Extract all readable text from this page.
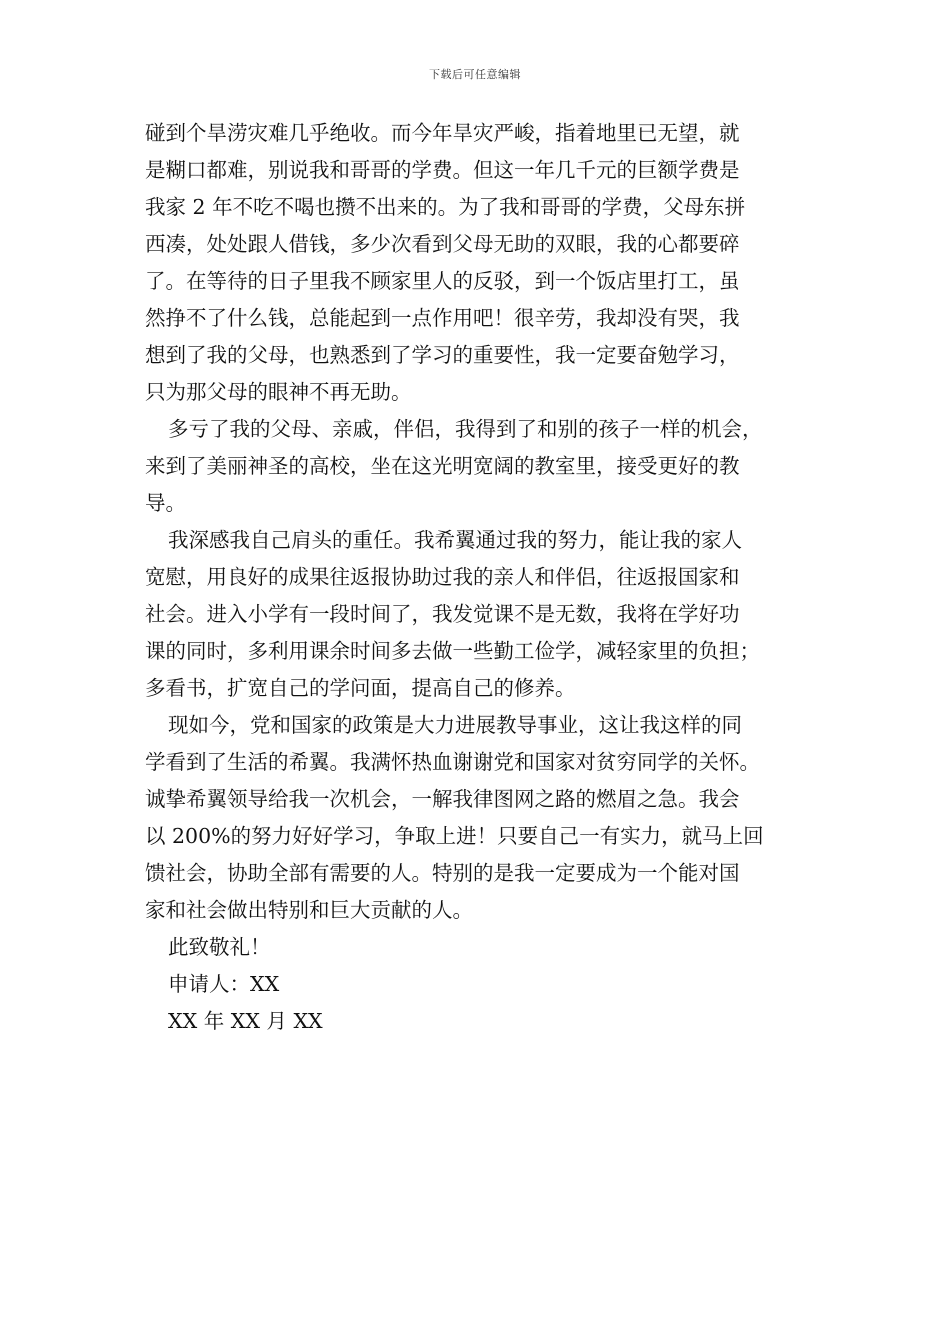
下载后可任意编辑
碰到个旱涝灾难几乎绝收。而今年旱灾严峻，指着地里已无望，就
是糊口都难，别说我和哥哥的学费。但这一年几千元的巨额学费是
我家 2 年不吃不喝也攒不出来的。为了我和哥哥的学费，父母东拼
西凑，处处跟人借钱，多少次看到父母无助的双眼，我的心都要碎
了。在等待的日子里我不顾家里人的反驳，到一个饭店里打工，虽
然挣不了什么钱，总能起到一点作用吧！很辛劳，我却没有哭，我
想到了我的父母，也熟悉到了学习的重要性，我一定要奋勉学习，
只为那父母的眼神不再无助。
多亏了我的父母、亲戚，伴侣，我得到了和别的孩子一样的机会，
来到了美丽神圣的高校，坐在这光明宽阔的教室里，接受更好的教
导。
我深感我自己肩头的重任。我希翼通过我的努力，能让我的家人
宽慰，用良好的成果往返报协助过我的亲人和伴侣，往返报国家和
社会。进入小学有一段时间了，我发觉课不是无数，我将在学好功
课的同时，多利用课余时间多去做一些勤工俭学，减轻家里的负担；
多看书，扩宽自己的学问面，提高自己的修养。
现如今，党和国家的政策是大力进展教导事业，这让我这样的同
学看到了生活的希翼。我满怀热血谢谢党和国家对贫穷同学的关怀。
诚挚希翼领导给我一次机会，一解我律图网之路的燃眉之急。我会
以 200%的努力好好学习，争取上进！只要自己一有实力，就马上回
馈社会，协助全部有需要的人。特别的是我一定要成为一个能对国
家和社会做出特别和巨大贡献的人。
此致敬礼！
申请人：XX
XX 年 XX 月 XX
